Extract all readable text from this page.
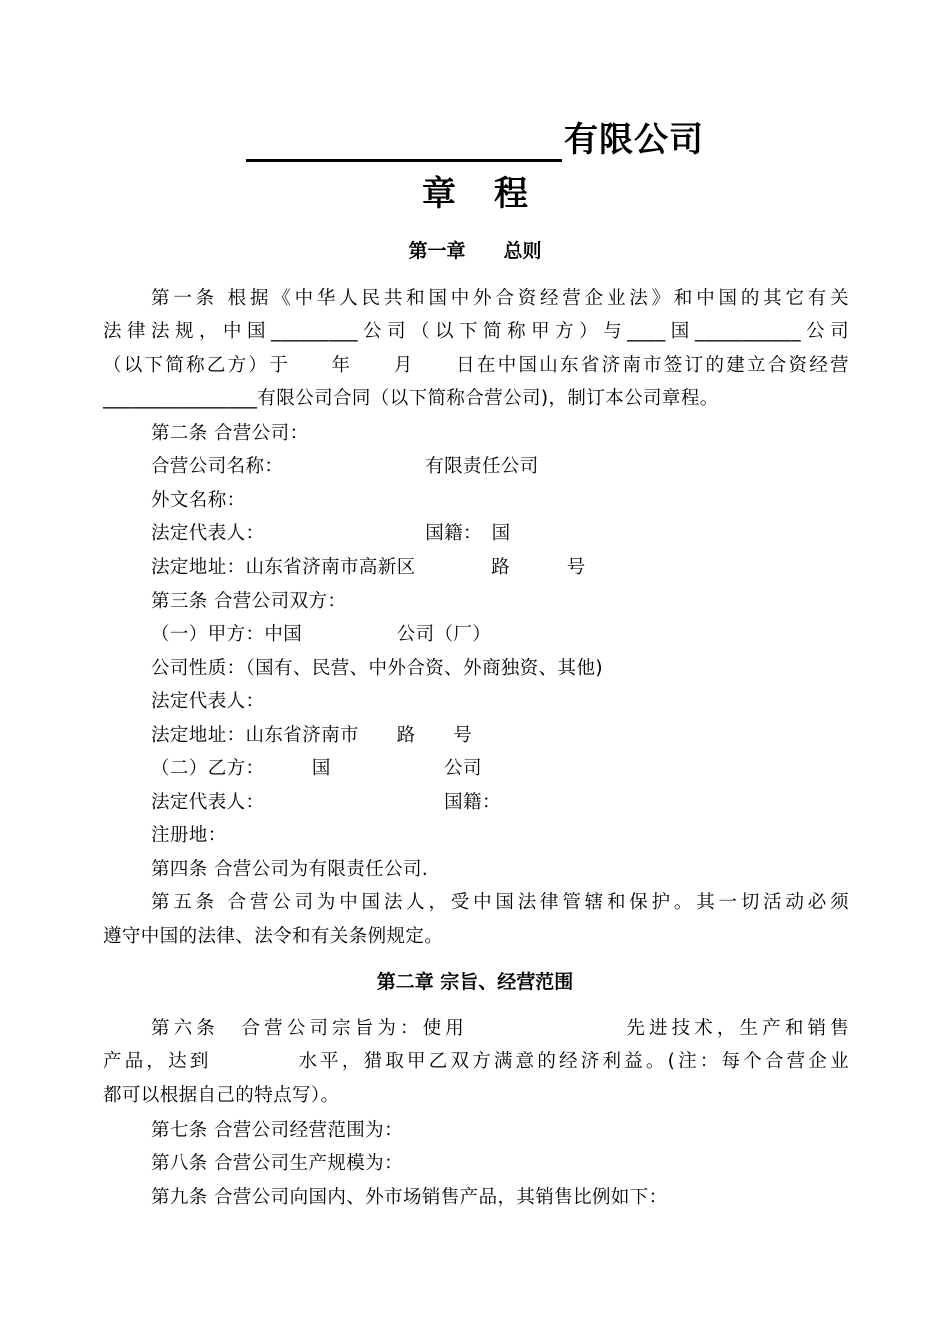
有限公司
章程
第一章　　总则
第一条 根据《中华人民共和国中外合资经营企业法》和中国的其它有关
法律法规，中国_________公司（以下简称甲方）与____国___________公司
（以下简称乙方）于　　年　　月　　日在中国山东省济南市签订的建立合资经营
________________有限公司合同（以下简称合营公司)，制订本公司章程。
第二条 合营公司：
合营公司名称：　　　　　　　　有限责任公司
外文名称：
法定代表人：　　　　　　　　　国籍：　国
法定地址：山东省济南市高新区　　　　路　　　号
第三条 合营公司双方：
（一）甲方：中国　　　　　公司（厂）
公司性质：（国有、民营、中外合资、外商独资、其他)
法定代表人：
法定地址：山东省济南市　　路　　号
（二）乙方：　　　国　　　　　　公司
法定代表人：　　　　　　　　　　国籍：
注册地：
第四条 合营公司为有限责任公司.
第五条 合营公司为中国法人，受中国法律管辖和保护。其一切活动必须
遵守中国的法律、法令和有关条例规定。
第二章 宗旨、经营范围
第六条　合营公司宗旨为：使用　　　　　　　先进技术，生产和销售
产品，达到　　　　水平，猎取甲乙双方满意的经济利益。(注：每个合营企业
都可以根据自己的特点写）。
第七条 合营公司经营范围为：
第八条 合营公司生产规模为：
第九条 合营公司向国内、外市场销售产品，其销售比例如下：
